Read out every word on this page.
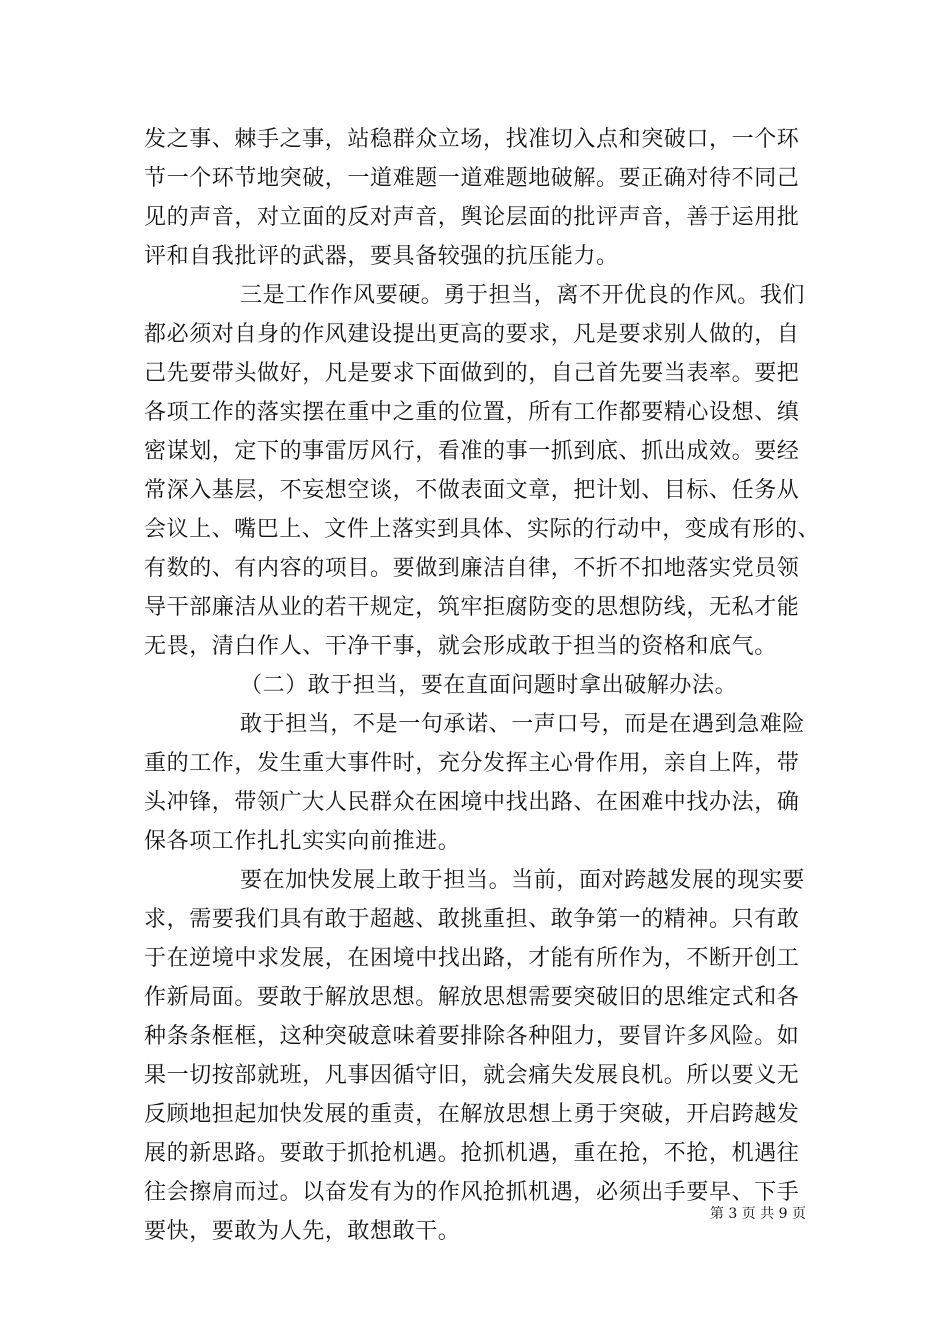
发之事、棘手之事，站稳群众立场，找准切入点和突破口，一个环
节一个环节地突破，一道难题一道难题地破解。要正确对待不同己
见的声音，对立面的反对声音，舆论层面的批评声音，善于运用批
评和自我批评的武器，要具备较强的抗压能力。
三是工作作风要硬。勇于担当，离不开优良的作风。我们
都必须对自身的作风建设提出更高的要求，凡是要求别人做的，自
己先要带头做好，凡是要求下面做到的，自己首先要当表率。要把
各项工作的落实摆在重中之重的位置，所有工作都要精心设想、缜
密谋划，定下的事雷厉风行，看准的事一抓到底、抓出成效。要经
常深入基层，不妄想空谈，不做表面文章，把计划、目标、任务从
会议上、嘴巴上、文件上落实到具体、实际的行动中，变成有形的、
有数的、有内容的项目。要做到廉洁自律，不折不扣地落实党员领
导干部廉洁从业的若干规定，筑牢拒腐防变的思想防线，无私才能
无畏，清白作人、干净干事，就会形成敢于担当的资格和底气。
（二）敢于担当，要在直面问题时拿出破解办法。
敢于担当，不是一句承诺、一声口号，而是在遇到急难险
重的工作，发生重大事件时，充分发挥主心骨作用，亲自上阵，带
头冲锋，带领广大人民群众在困境中找出路、在困难中找办法，确
保各项工作扎扎实实向前推进。
要在加快发展上敢于担当。当前，面对跨越发展的现实要
求，需要我们具有敢于超越、敢挑重担、敢争第一的精神。只有敢
于在逆境中求发展，在困境中找出路，才能有所作为，不断开创工
作新局面。要敢于解放思想。解放思想需要突破旧的思维定式和各
种条条框框，这种突破意味着要排除各种阻力，要冒许多风险。如
果一切按部就班，凡事因循守旧，就会痛失发展良机。所以要义无
反顾地担起加快发展的重责，在解放思想上勇于突破，开启跨越发
展的新思路。要敢于抓抢机遇。抢抓机遇，重在抢，不抢，机遇往
往会擦肩而过。以奋发有为的作风抢抓机遇，必须出手要早、下手
要快，要敢为人先，敢想敢干。
第 3 页 共 9 页
